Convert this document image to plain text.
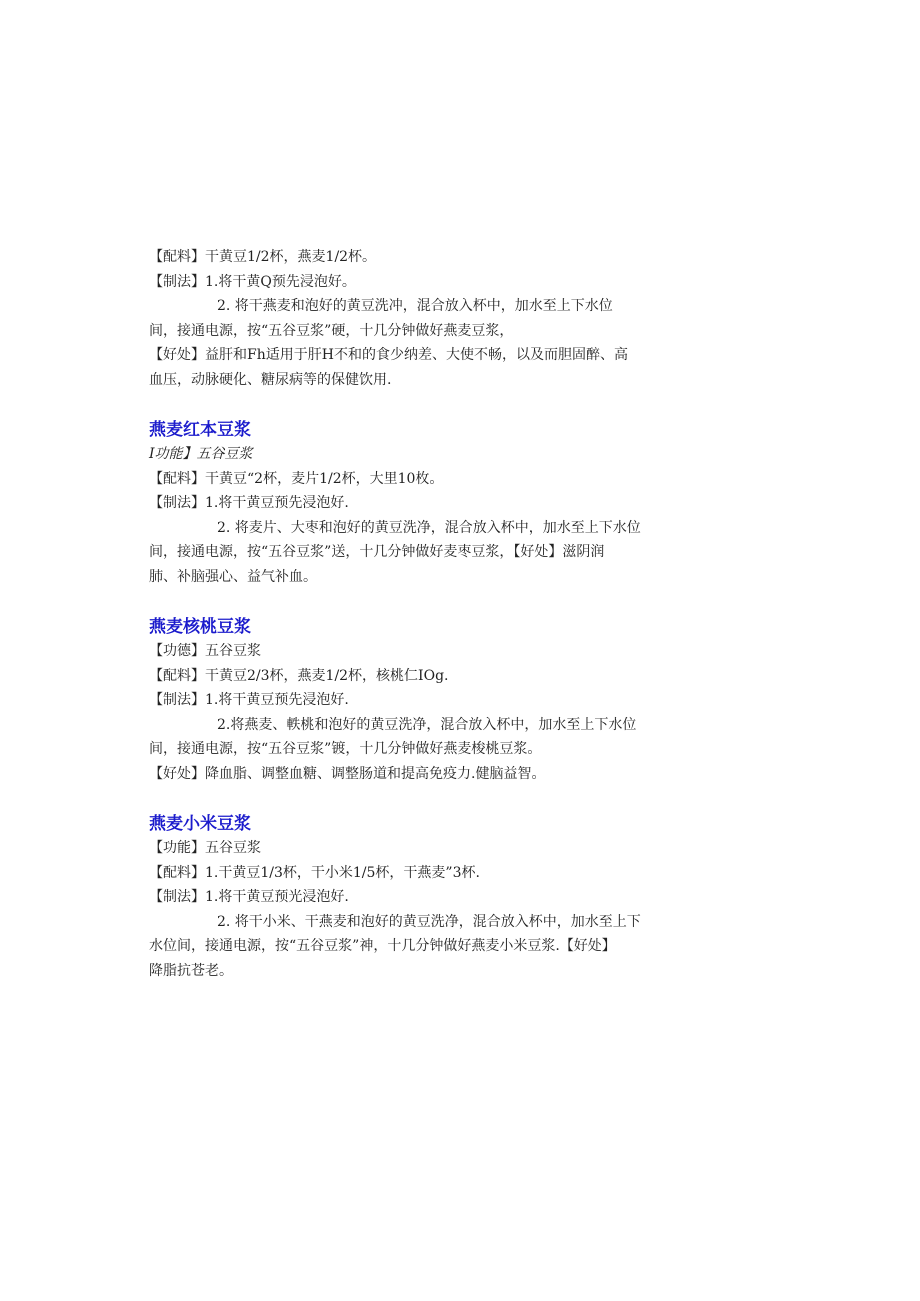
【配料】干黄豆1/2杯，燕麦1/2杯。

【制法】1.将干黄Q预先浸泡好。

2. 将干燕麦和泡好的黄豆洗冲，混合放入杯中，加水至上下水位

间，接通电源，按“五谷豆浆”硬，十几分钟做好燕麦豆浆，

【好处】益肝和Fh适用于肝H不和的食少纳差、大使不畅，以及而胆固醉、高

血压，动脉硬化、糖尿病等的保健饮用.

燕麦红本豆浆

I功能】五谷豆浆

【配料】干黄豆“2杯，麦片1/2杯，大里10枚。

【制法】1.将干黄豆预先浸泡好.

2. 将麦片、大枣和泡好的黄豆洗净，混合放入杯中，加水至上下水位

间，接通电源，按“五谷豆浆”送，十几分钟做好麦枣豆浆，【好处】滋阴润

肺、补脑强心、益气补血。

燕麦核桃豆浆

【功德】五谷豆浆

【配料】干黄豆2/3杯，燕麦1/2杯，核桃仁IOg.

【制法】1.将干黄豆预先浸泡好.

2.将燕麦、軼桃和泡好的黄豆洗净，混合放入杯中，加水至上下水位

间，接通电源，按“五谷豆浆”镀，十几分钟做好燕麦梭桃豆浆。

【好处】降血脂、调整血糖、调整肠道和提高免疫力.健脑益智。

燕麦小米豆浆

【功能】五谷豆浆

【配料】1.干黄豆1/3杯，干小米1/5杯，干燕麦”3杯.

【制法】1.将干黄豆预光浸泡好.

2. 将干小米、干燕麦和泡好的黄豆洗净，混合放入杯中，加水至上下

水位间，接通电源，按“五谷豆浆”神，十几分钟做好燕麦小米豆浆.【好处】

降脂抗苍老。
